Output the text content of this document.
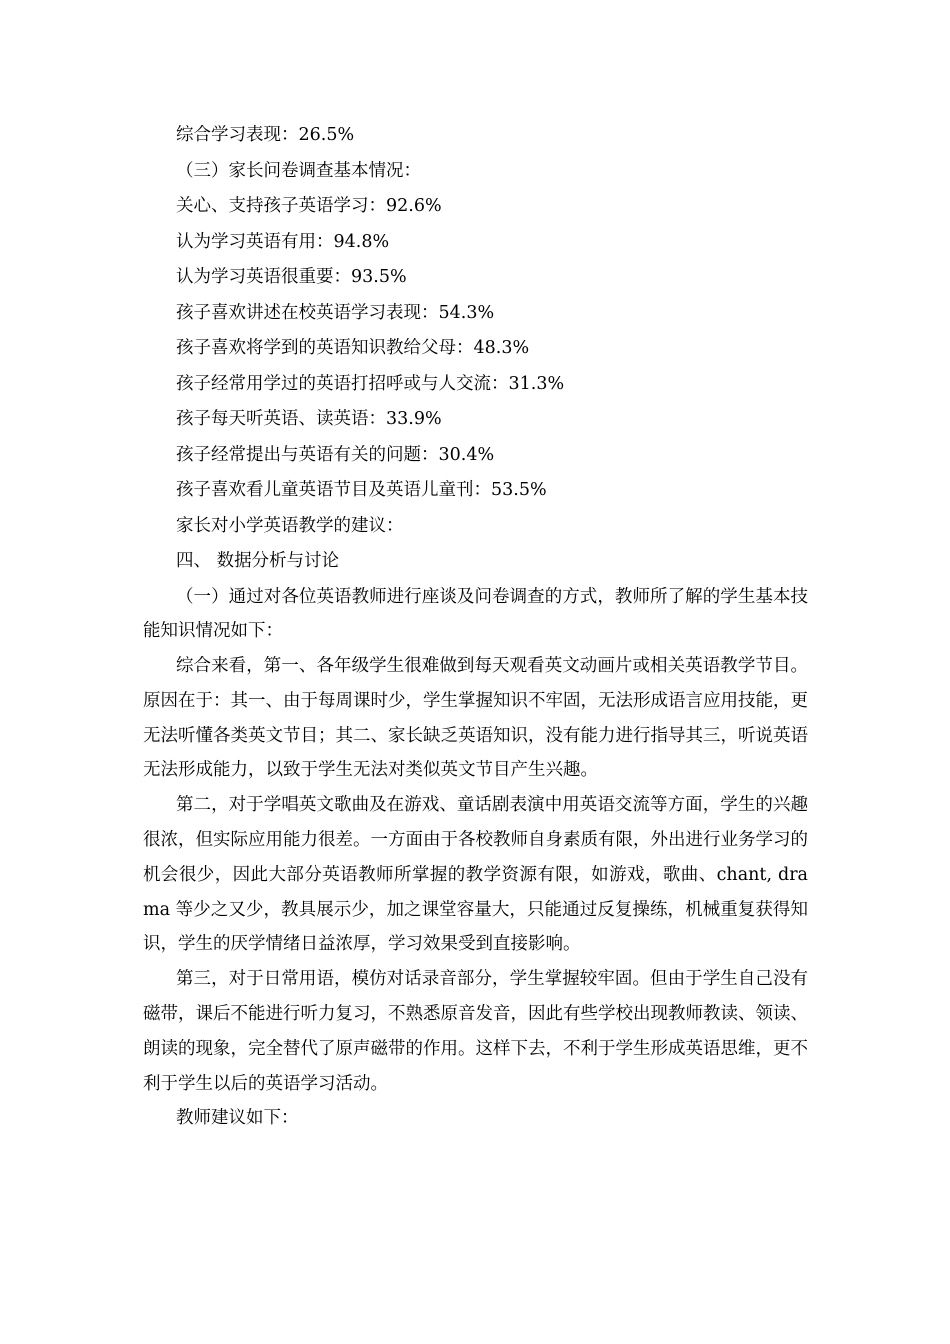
综合学习表现：26.5%

（三）家长问卷调查基本情况：

关心、支持孩子英语学习：92.6%

认为学习英语有用：94.8%

认为学习英语很重要：93.5%

孩子喜欢讲述在校英语学习表现：54.3%

孩子喜欢将学到的英语知识教给父母：48.3%

孩子经常用学过的英语打招呼或与人交流：31.3%

孩子每天听英语、读英语：33.9%

孩子经常提出与英语有关的问题：30.4%

孩子喜欢看儿童英语节目及英语儿童刊：53.5%

家长对小学英语教学的建议：

四、 数据分析与讨论

（一）通过对各位英语教师进行座谈及问卷调查的方式，教师所了解的学生基本技能知识情况如下：

综合来看，第一、各年级学生很难做到每天观看英文动画片或相关英语教学节目。原因在于：其一、由于每周课时少，学生掌握知识不牢固，无法形成语言应用技能，更无法听懂各类英文节目；其二、家长缺乏英语知识，没有能力进行指导其三，听说英语无法形成能力，以致于学生无法对类似英文节目产生兴趣。

第二，对于学唱英文歌曲及在游戏、童话剧表演中用英语交流等方面，学生的兴趣很浓，但实际应用能力很差。一方面由于各校教师自身素质有限，外出进行业务学习的机会很少，因此大部分英语教师所掌握的教学资源有限，如游戏，歌曲、chant, drama 等少之又少，教具展示少，加之课堂容量大，只能通过反复操练，机械重复获得知识，学生的厌学情绪日益浓厚，学习效果受到直接影响。

第三，对于日常用语，模仿对话录音部分，学生掌握较牢固。但由于学生自己没有磁带，课后不能进行听力复习，不熟悉原音发音，因此有些学校出现教师教读、领读、朗读的现象，完全替代了原声磁带的作用。这样下去，不利于学生形成英语思维，更不利于学生以后的英语学习活动。

教师建议如下：
